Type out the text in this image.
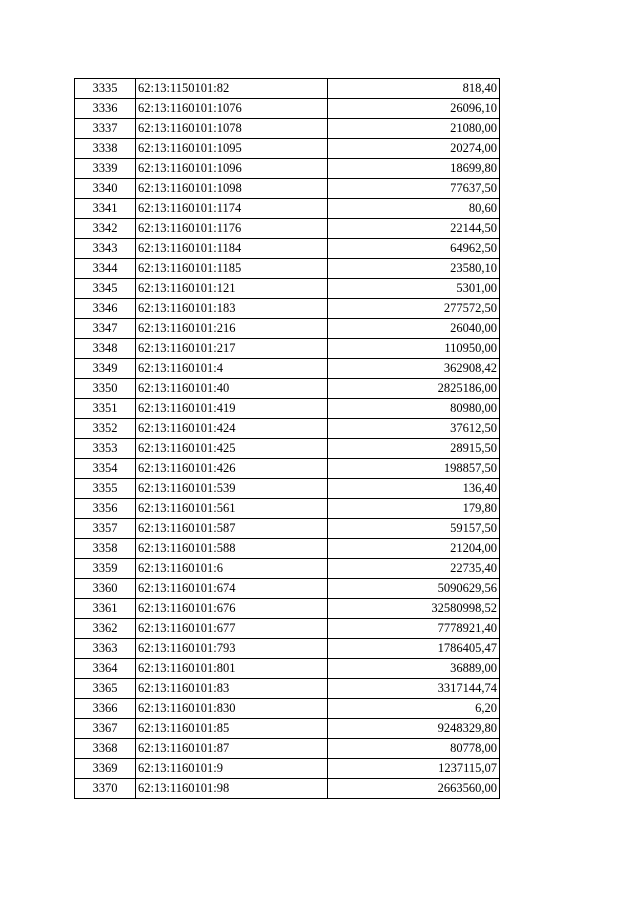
3335	62:13:1150101:82	818,40
3336	62:13:1160101:1076	26096,10
3337	62:13:1160101:1078	21080,00
3338	62:13:1160101:1095	20274,00
3339	62:13:1160101:1096	18699,80
3340	62:13:1160101:1098	77637,50
3341	62:13:1160101:1174	80,60
3342	62:13:1160101:1176	22144,50
3343	62:13:1160101:1184	64962,50
3344	62:13:1160101:1185	23580,10
3345	62:13:1160101:121	5301,00
3346	62:13:1160101:183	277572,50
3347	62:13:1160101:216	26040,00
3348	62:13:1160101:217	110950,00
3349	62:13:1160101:4	362908,42
3350	62:13:1160101:40	2825186,00
3351	62:13:1160101:419	80980,00
3352	62:13:1160101:424	37612,50
3353	62:13:1160101:425	28915,50
3354	62:13:1160101:426	198857,50
3355	62:13:1160101:539	136,40
3356	62:13:1160101:561	179,80
3357	62:13:1160101:587	59157,50
3358	62:13:1160101:588	21204,00
3359	62:13:1160101:6	22735,40
3360	62:13:1160101:674	5090629,56
3361	62:13:1160101:676	32580998,52
3362	62:13:1160101:677	7778921,40
3363	62:13:1160101:793	1786405,47
3364	62:13:1160101:801	36889,00
3365	62:13:1160101:83	3317144,74
3366	62:13:1160101:830	6,20
3367	62:13:1160101:85	9248329,80
3368	62:13:1160101:87	80778,00
3369	62:13:1160101:9	1237115,07
3370	62:13:1160101:98	2663560,00
